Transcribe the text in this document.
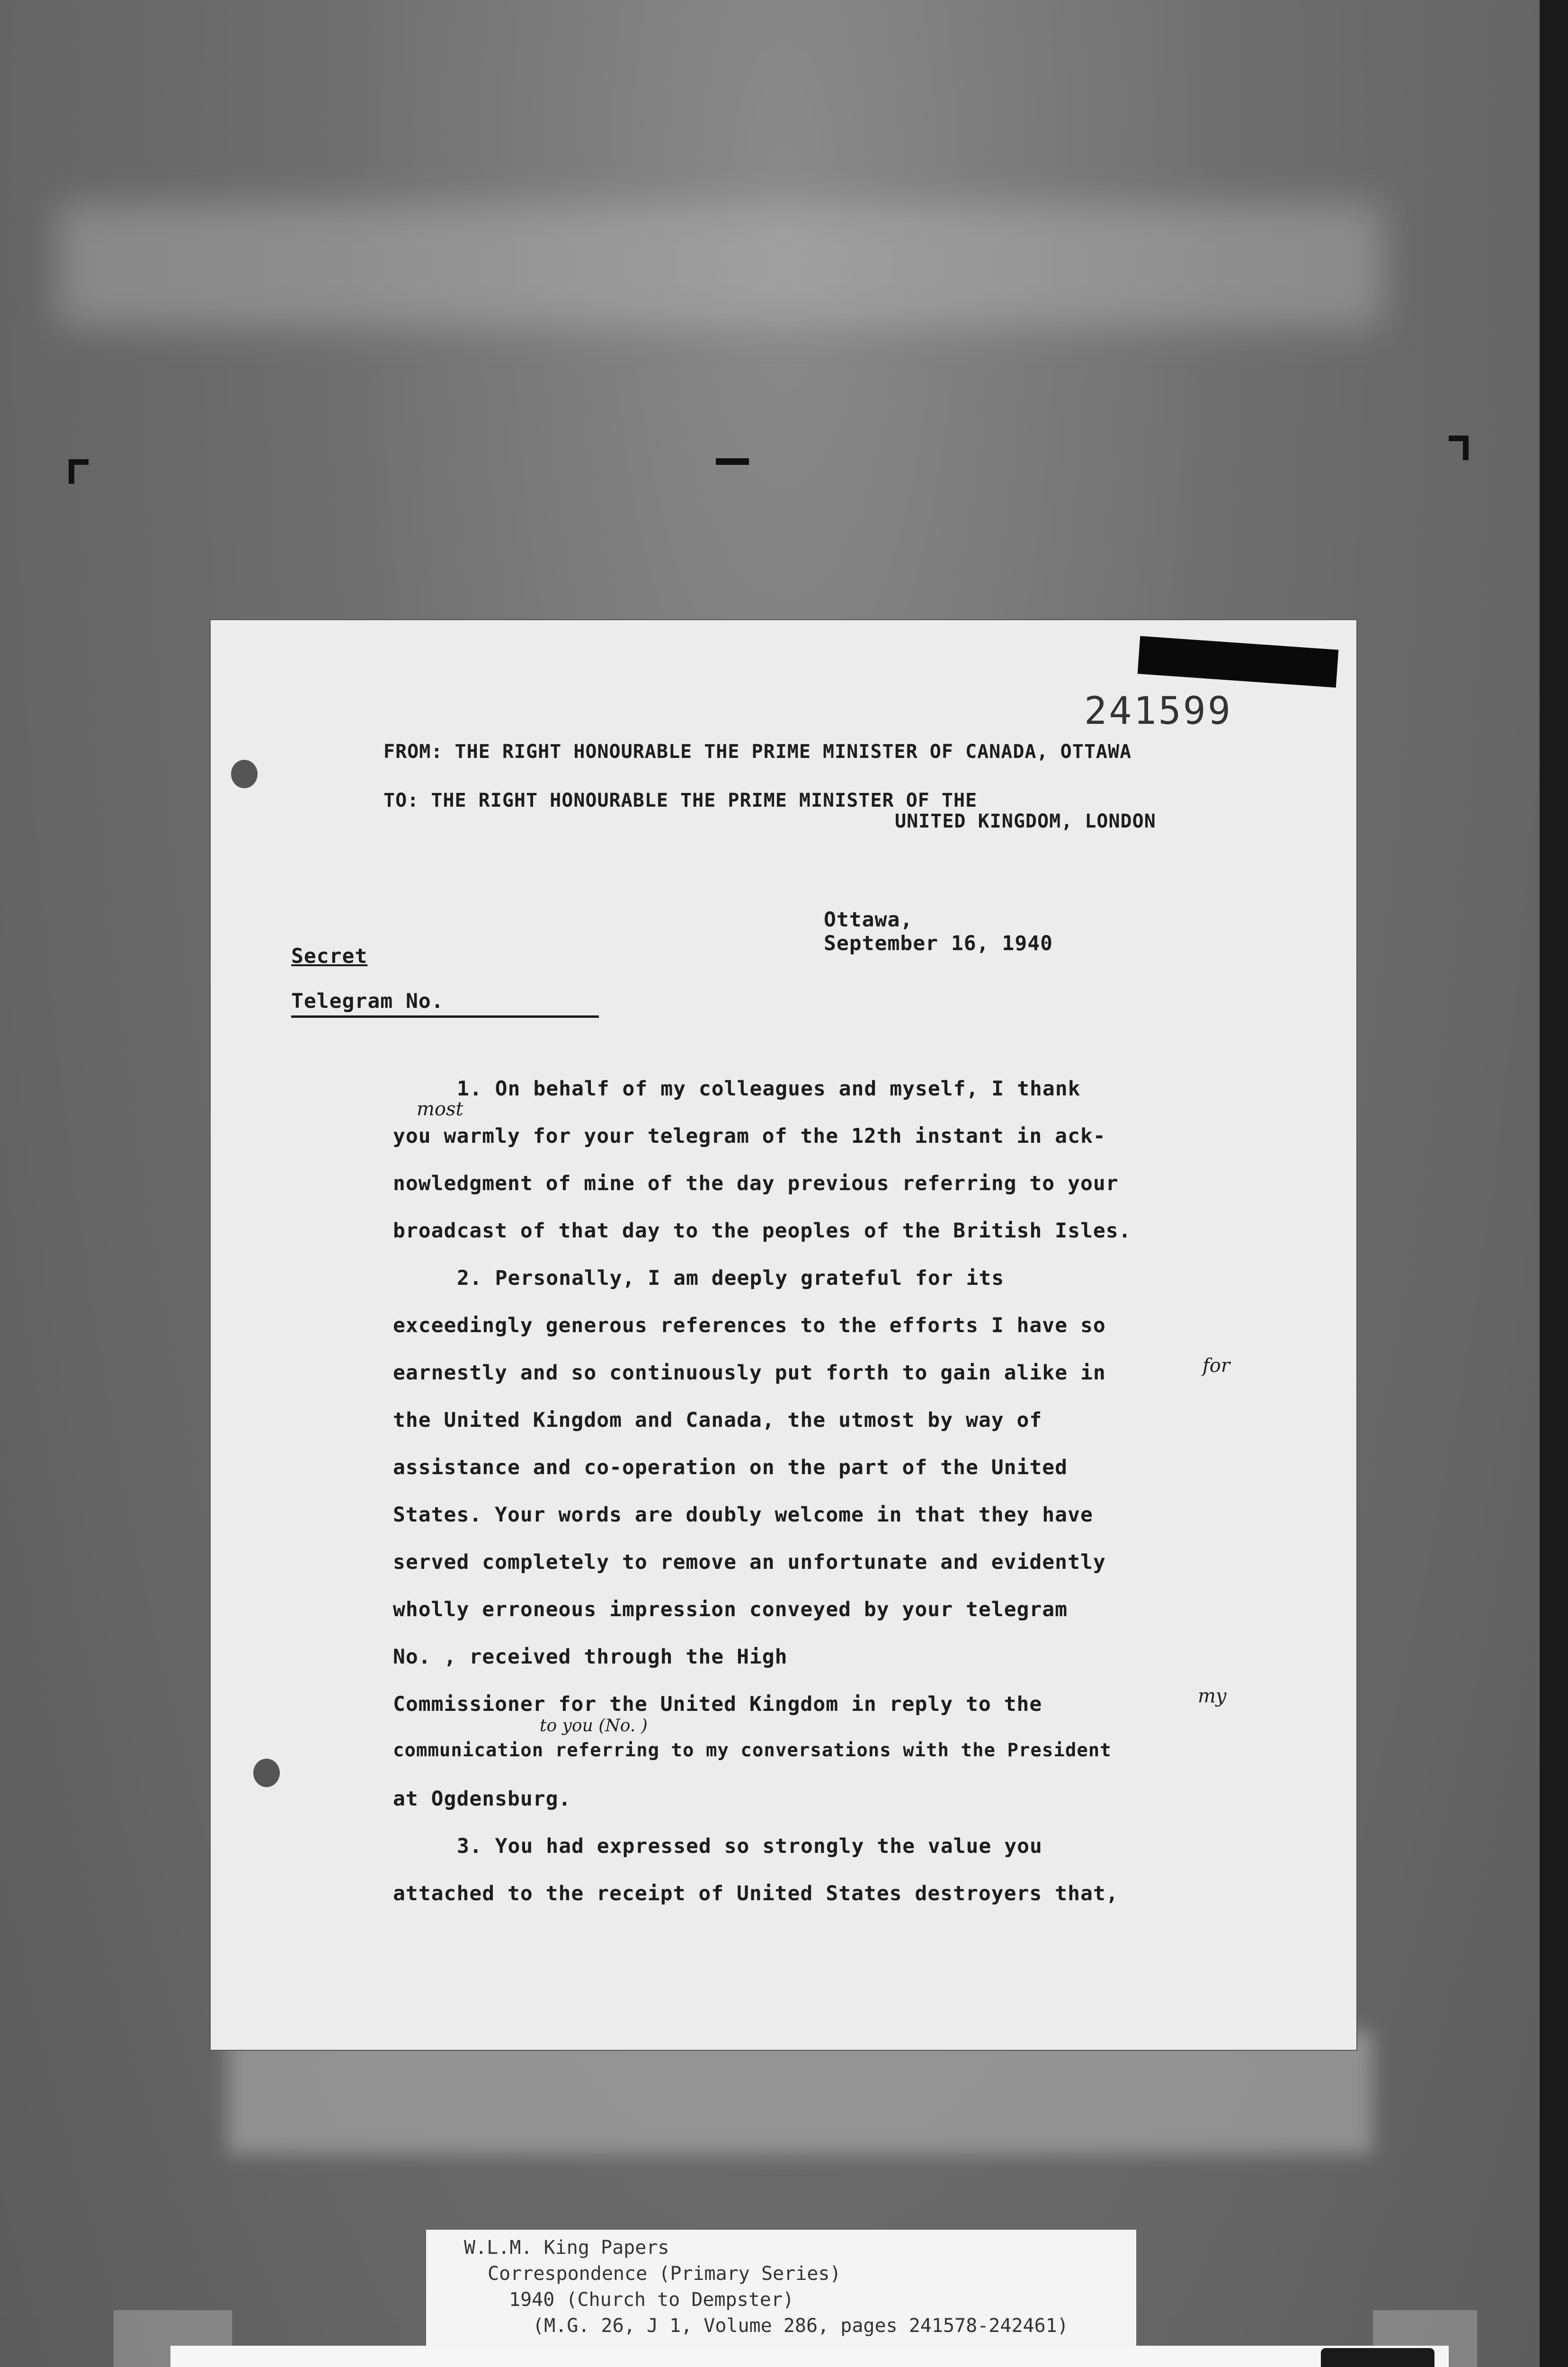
241599
FROM: THE RIGHT HONOURABLE THE PRIME MINISTER OF CANADA, OTTAWA
TO: THE RIGHT HONOURABLE THE PRIME MINISTER OF THE
UNITED KINGDOM, LONDON
Ottawa,
September 16, 1940
Secret
Telegram No.
1. On behalf of my colleagues and myself, I thank
you warmly for your telegram of the 12th instant in ack-
nowledgment of mine of the day previous referring to your
broadcast of that day to the peoples of the British Isles.
2. Personally, I am deeply grateful for its
exceedingly generous references to the efforts I have so
earnestly and so continuously put forth to gain alike in
the United Kingdom and Canada, the utmost by way of
assistance and co-operation on the part of the United
States. Your words are doubly welcome in that they have
served completely to remove an unfortunate and evidently
wholly erroneous impression conveyed by your telegram
No. , received through the High
Commissioner for the United Kingdom in reply to the
communication referring to my conversations with the President
at Ogdensburg.
3. You had expressed so strongly the value you
attached to the receipt of United States destroyers that,
most
for
my
to you (No. )
W.L.M. King Papers
Correspondence (Primary Series)
1940 (Church to Dempster)
(M.G. 26, J 1, Volume 286, pages 241578-242461)
